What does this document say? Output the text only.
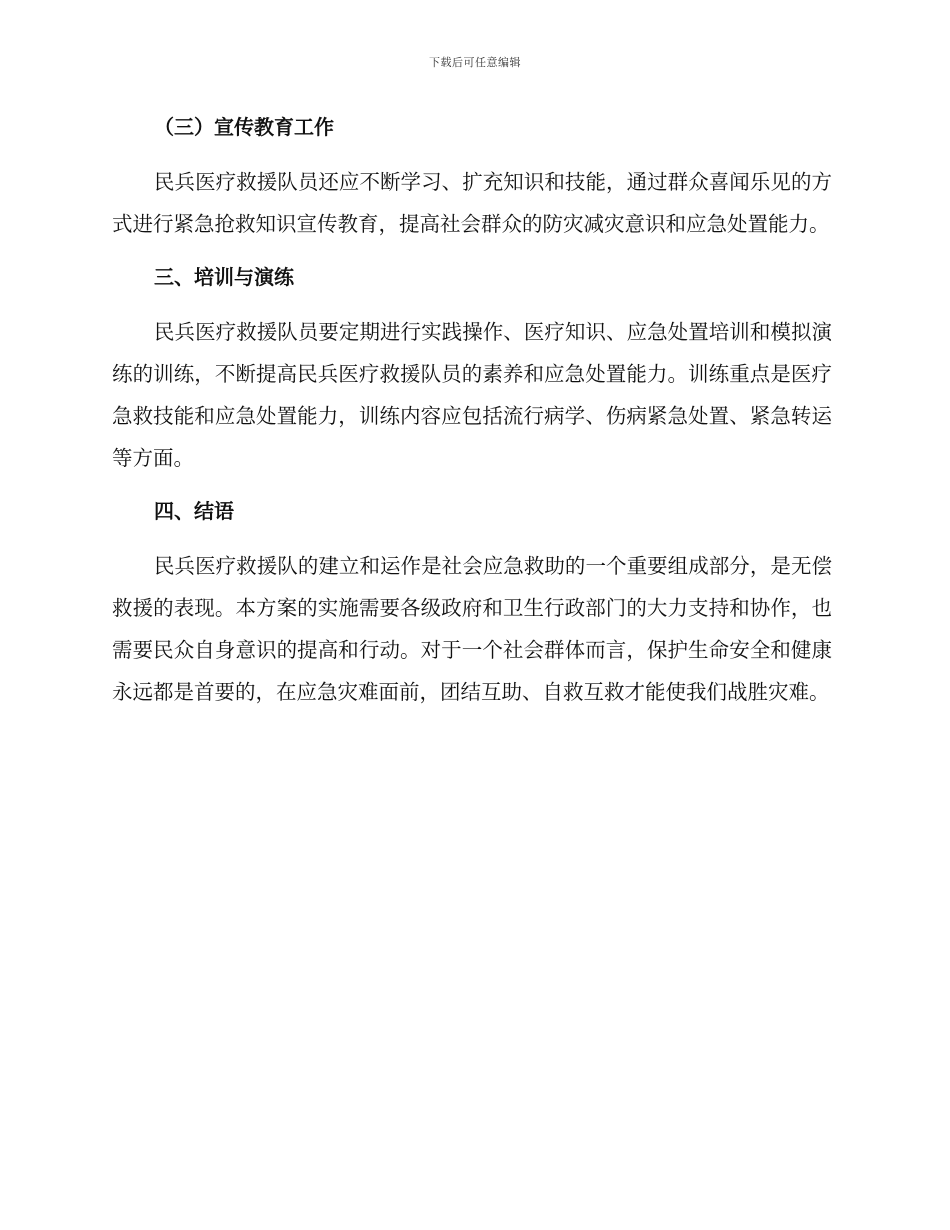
下载后可任意编辑
（三）宣传教育工作

民兵医疗救援队员还应不断学习、扩充知识和技能，通过群众喜闻乐见的方式进行紧急抢救知识宣传教育，提高社会群众的防灾减灾意识和应急处置能力。

三、培训与演练

民兵医疗救援队员要定期进行实践操作、医疗知识、应急处置培训和模拟演练的训练，不断提高民兵医疗救援队员的素养和应急处置能力。训练重点是医疗急救技能和应急处置能力，训练内容应包括流行病学、伤病紧急处置、紧急转运等方面。

四、结语

民兵医疗救援队的建立和运作是社会应急救助的一个重要组成部分，是无偿救援的表现。本方案的实施需要各级政府和卫生行政部门的大力支持和协作，也需要民众自身意识的提高和行动。对于一个社会群体而言，保护生命安全和健康永远都是首要的，在应急灾难面前，团结互助、自救互救才能使我们战胜灾难。
